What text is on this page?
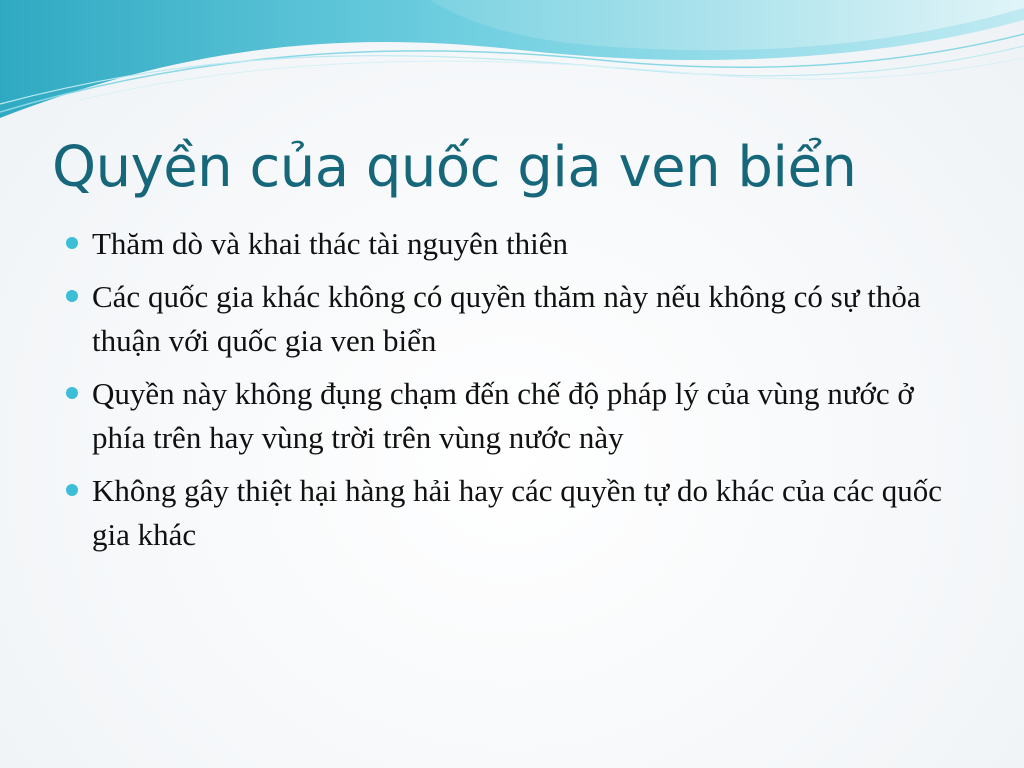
Quyền của quốc gia ven biển
Thăm dò và khai thác tài nguyên thiên
Các quốc gia khác không có quyền thăm này nếu không có sự thỏa thuận với quốc gia ven biển
Quyền này không đụng chạm đến chế độ pháp lý của vùng nước ở phía trên hay vùng trời trên vùng nước này
Không gây thiệt hại hàng hải hay các quyền tự do khác của các quốc gia khác
